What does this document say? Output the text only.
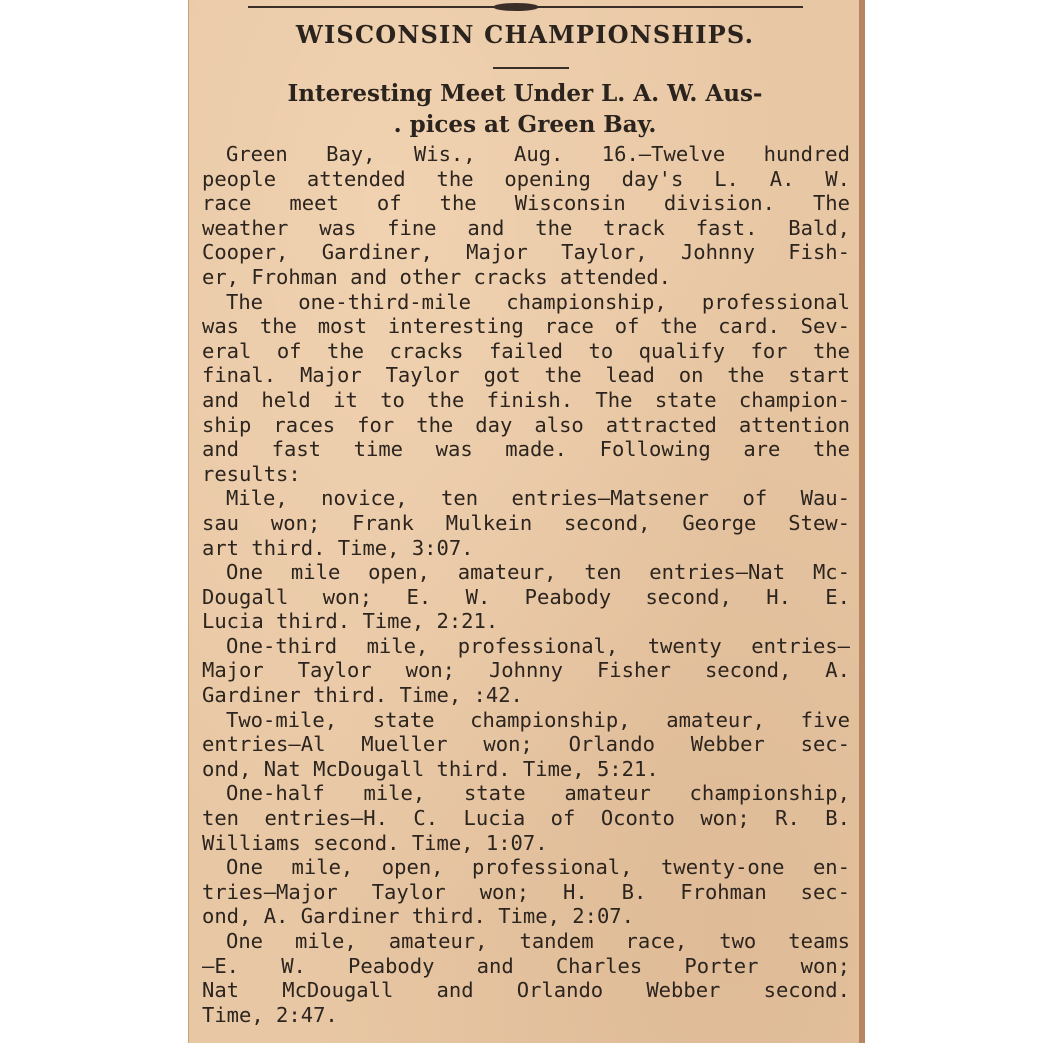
WISCONSIN CHAMPIONSHIPS.
Interesting Meet Under L. A. W. Aus-
. pices at Green Bay.
Green Bay, Wis., Aug. 16.—Twelve hundred
people attended the opening day's L. A. W.
race meet of the Wisconsin division. The
weather was fine and the track fast. Bald,
Cooper, Gardiner, Major Taylor, Johnny Fish-
er, Frohman and other cracks attended.
The one-third-mile championship, professional
was the most interesting race of the card. Sev-
eral of the cracks failed to qualify for the
final. Major Taylor got the lead on the start
and held it to the finish. The state champion-
ship races for the day also attracted attention
and fast time was made. Following are the
results:
Mile, novice, ten entries—Matsener of Wau-
sau won; Frank Mulkein second, George Stew-
art third. Time, 3:07.
One mile open, amateur, ten entries—Nat Mc-
Dougall won; E. W. Peabody second, H. E.
Lucia third. Time, 2:21.
One-third mile, professional, twenty entries—
Major Taylor won; Johnny Fisher second, A.
Gardiner third. Time, :42.
Two-mile, state championship, amateur, five
entries—Al Mueller won; Orlando Webber sec-
ond, Nat McDougall third. Time, 5:21.
One-half mile, state amateur championship,
ten entries—H. C. Lucia of Oconto won; R. B.
Williams second. Time, 1:07.
One mile, open, professional, twenty-one en-
tries—Major Taylor won; H. B. Frohman sec-
ond, A. Gardiner third. Time, 2:07.
One mile, amateur, tandem race, two teams
—E. W. Peabody and Charles Porter won;
Nat McDougall and Orlando Webber second.
Time, 2:47.
